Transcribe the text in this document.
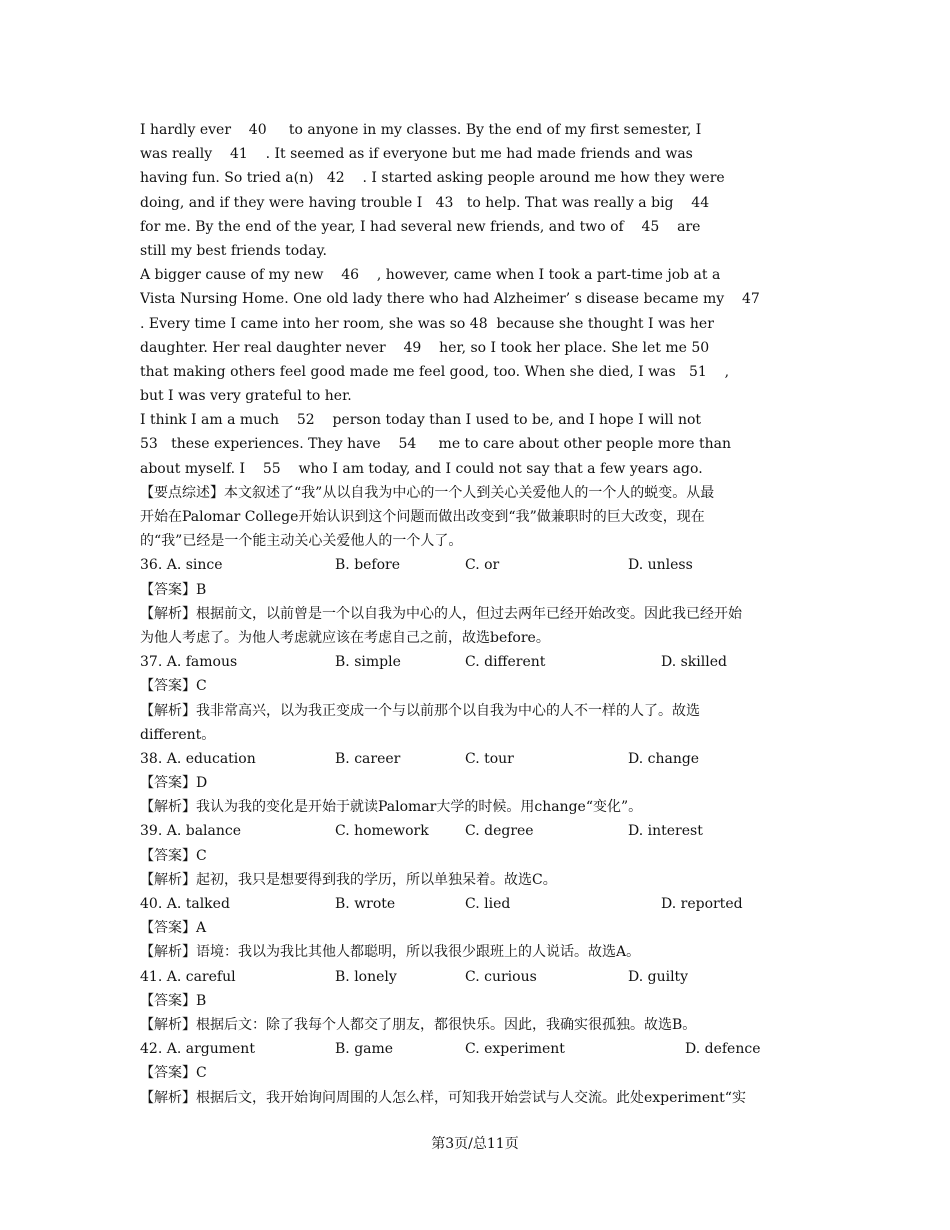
I hardly ever    40     to anyone in my classes. By the end of my first semester, I
was really    41    . It seemed as if everyone but me had made friends and was
having fun. So tried a(n)   42    . I started asking people around me how they were
doing, and if they were having trouble I   43   to help. That was really a big    44
for me. By the end of the year, I had several new friends, and two of    45    are
still my best friends today.
A bigger cause of my new    46    , however, came when I took a part-time job at a
Vista Nursing Home. One old lady there who had Alzheimer’ s disease became my    47
. Every time I came into her room, she was so 48  because she thought I was her
daughter. Her real daughter never    49    her, so I took her place. She let me 50
that making others feel good made me feel good, too. When she died, I was   51    ,
but I was very grateful to her.
I think I am a much    52    person today than I used to be, and I hope I will not
53   these experiences. They have    54     me to care about other people more than
about myself. I    55    who I am today, and I could not say that a few years ago.
【要点综述】本文叙述了“我”从以自我为中心的一个人到关心关爱他人的一个人的蜕变。从最
开始在Palomar College开始认识到这个问题而做出改变到“我”做兼职时的巨大改变，现在
的“我”已经是一个能主动关心关爱他人的一个人了。
36. A. since	B. before	C. or	D. unless
【答案】B
【解析】根据前文，以前曾是一个以自我为中心的人，但过去两年已经开始改变。因此我已经开始
为他人考虑了。为他人考虑就应该在考虑自己之前，故选before。
37. A. famous	B. simple	C. different	D. skilled
【答案】C
【解析】我非常高兴，以为我正变成一个与以前那个以自我为中心的人不一样的人了。故选
different。
38. A. education	B. career	C. tour	D. change
【答案】D
【解析】我认为我的变化是开始于就读Palomar大学的时候。用change“变化”。
39. A. balance	C. homework	C. degree	D. interest
【答案】C
【解析】起初，我只是想要得到我的学历，所以单独呆着。故选C。
40. A. talked	B. wrote	C. lied	D. reported
【答案】A
【解析】语境：我以为我比其他人都聪明，所以我很少跟班上的人说话。故选A。
41. A. careful	B. lonely	C. curious	D. guilty
【答案】B
【解析】根据后文：除了我每个人都交了朋友，都很快乐。因此，我确实很孤独。故选B。
42. A. argument	B. game	C. experiment	D. defence
【答案】C
【解析】根据后文，我开始询问周围的人怎么样，可知我开始尝试与人交流。此处experiment“实
第3页/总11页
